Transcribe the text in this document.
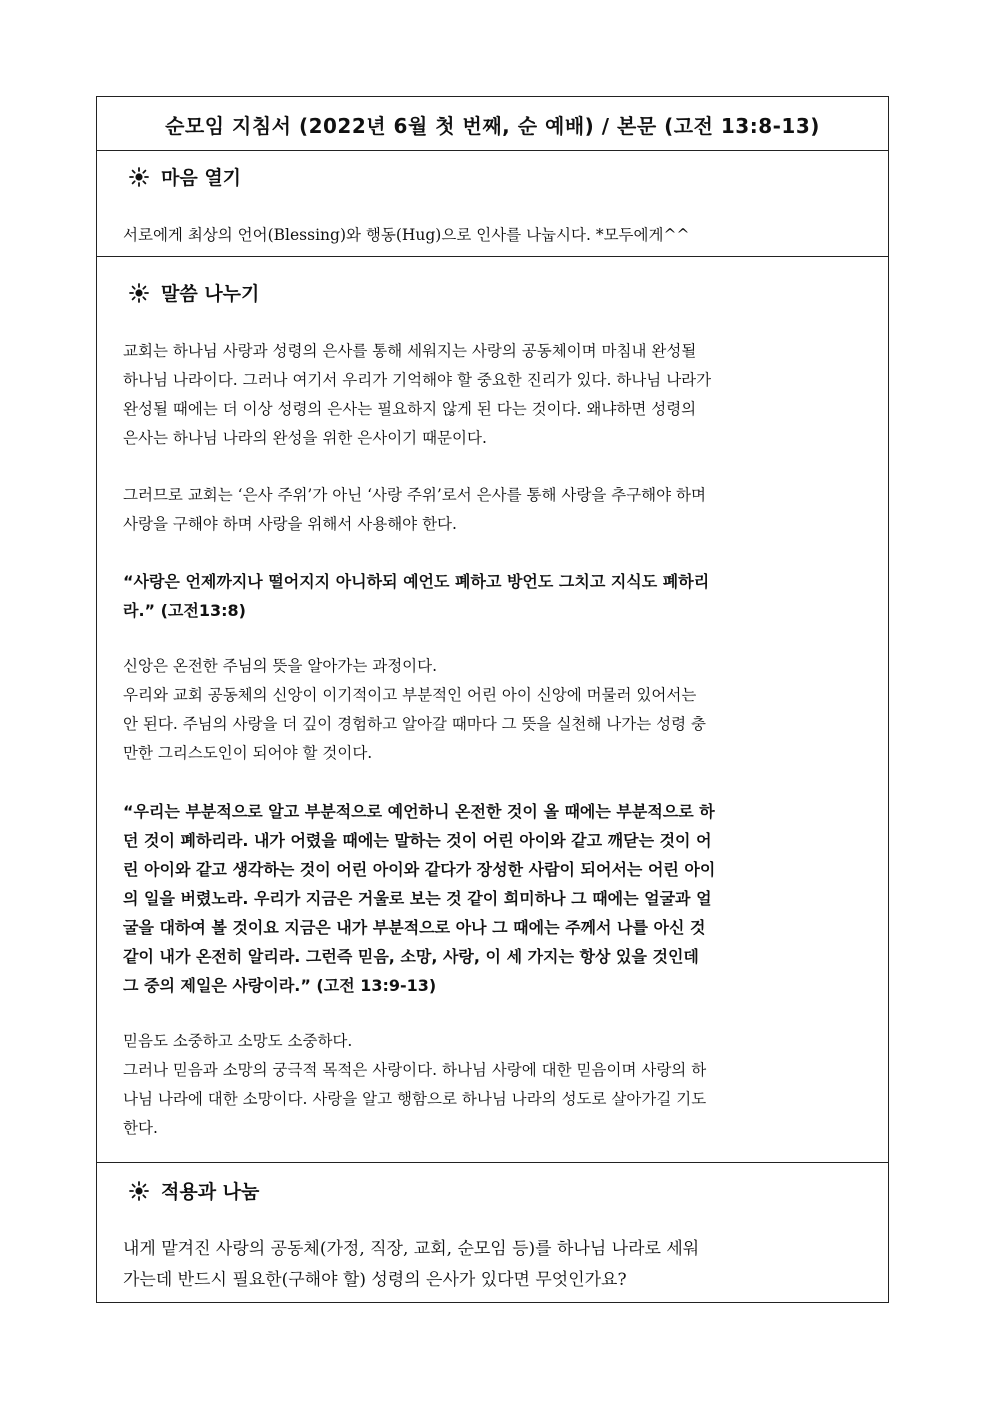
순모임 지침서 (2022년 6월 첫 번째, 순 예배) / 본문 (고전 13:8-13)
마음 열기

서로에게 최상의 언어(Blessing)와 행동(Hug)으로 인사를 나눕시다. *모두에게^^

말씀 나누기

교회는 하나님 사랑과 성령의 은사를 통해 세워지는 사랑의 공동체이며 마침내 완성될
하나님 나라이다. 그러나 여기서 우리가 기억해야 할 중요한 진리가 있다. 하나님 나라가
완성될 때에는 더 이상 성령의 은사는 필요하지 않게 된 다는 것이다. 왜냐하면 성령의
은사는 하나님 나라의 완성을 위한 은사이기 때문이다.

그러므로 교회는 ‘은사 주위’가 아닌 ‘사랑 주위’로서 은사를 통해 사랑을 추구해야 하며
사랑을 구해야 하며 사랑을 위해서 사용해야 한다.

“사랑은 언제까지나 떨어지지 아니하되 예언도 폐하고 방언도 그치고 지식도 폐하리
라.” (고전13:8)

신앙은 온전한 주님의 뜻을 알아가는 과정이다.
우리와 교회 공동체의 신앙이 이기적이고 부분적인 어린 아이 신앙에 머물러 있어서는
안 된다. 주님의 사랑을 더 깊이 경험하고 알아갈 때마다 그 뜻을 실천해 나가는 성령 충
만한 그리스도인이 되어야 할 것이다.

“우리는 부분적으로 알고 부분적으로 예언하니 온전한 것이 올 때에는 부분적으로 하
던 것이 폐하리라. 내가 어렸을 때에는 말하는 것이 어린 아이와 같고 깨닫는 것이 어
린 아이와 같고 생각하는 것이 어린 아이와 같다가 장성한 사람이 되어서는 어린 아이
의 일을 버렸노라. 우리가 지금은 거울로 보는 것 같이 희미하나 그 때에는 얼굴과 얼
굴을 대하여 볼 것이요 지금은 내가 부분적으로 아나 그 때에는 주께서 나를 아신 것
같이 내가 온전히 알리라. 그런즉 믿음, 소망, 사랑, 이 세 가지는 항상 있을 것인데
그 중의 제일은 사랑이라.” (고전 13:9-13)

믿음도 소중하고 소망도 소중하다.
그러나 믿음과 소망의 궁극적 목적은 사랑이다. 하나님 사랑에 대한 믿음이며 사랑의 하
나님 나라에 대한 소망이다. 사랑을 알고 행함으로 하나님 나라의 성도로 살아가길 기도
한다.

적용과 나눔

내게 맡겨진 사랑의 공동체(가정, 직장, 교회, 순모임 등)를 하나님 나라로 세워
가는데 반드시 필요한(구해야 할) 성령의 은사가 있다면 무엇인가요?
